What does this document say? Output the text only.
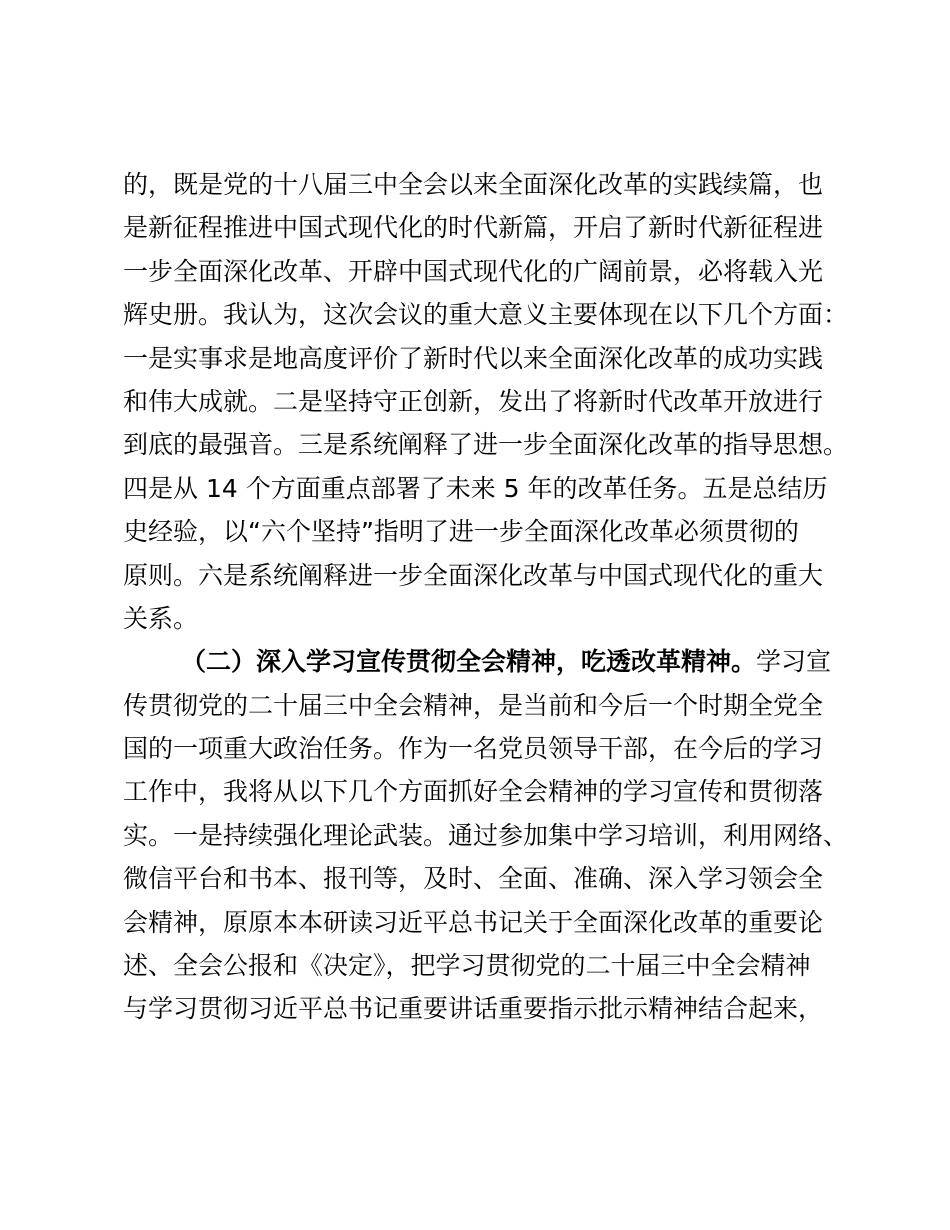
的，既是党的十八届三中全会以来全面深化改革的实践续篇，也
是新征程推进中国式现代化的时代新篇，开启了新时代新征程进
一步全面深化改革、开辟中国式现代化的广阔前景，必将载入光
辉史册。我认为，这次会议的重大意义主要体现在以下几个方面：
一是实事求是地高度评价了新时代以来全面深化改革的成功实践
和伟大成就。二是坚持守正创新，发出了将新时代改革开放进行
到底的最强音。三是系统阐释了进一步全面深化改革的指导思想。
四是从 14 个方面重点部署了未来 5 年的改革任务。五是总结历
史经验，以“六个坚持”指明了进一步全面深化改革必须贯彻的
原则。六是系统阐释进一步全面深化改革与中国式现代化的重大
关系。
（二）深入学习宣传贯彻全会精神，吃透改革精神。学习宣
传贯彻党的二十届三中全会精神，是当前和今后一个时期全党全
国的一项重大政治任务。作为一名党员领导干部，在今后的学习
工作中，我将从以下几个方面抓好全会精神的学习宣传和贯彻落
实。一是持续强化理论武装。通过参加集中学习培训，利用网络、
微信平台和书本、报刊等，及时、全面、准确、深入学习领会全
会精神，原原本本研读习近平总书记关于全面深化改革的重要论
述、全会公报和《决定》，把学习贯彻党的二十届三中全会精神
与学习贯彻习近平总书记重要讲话重要指示批示精神结合起来，
